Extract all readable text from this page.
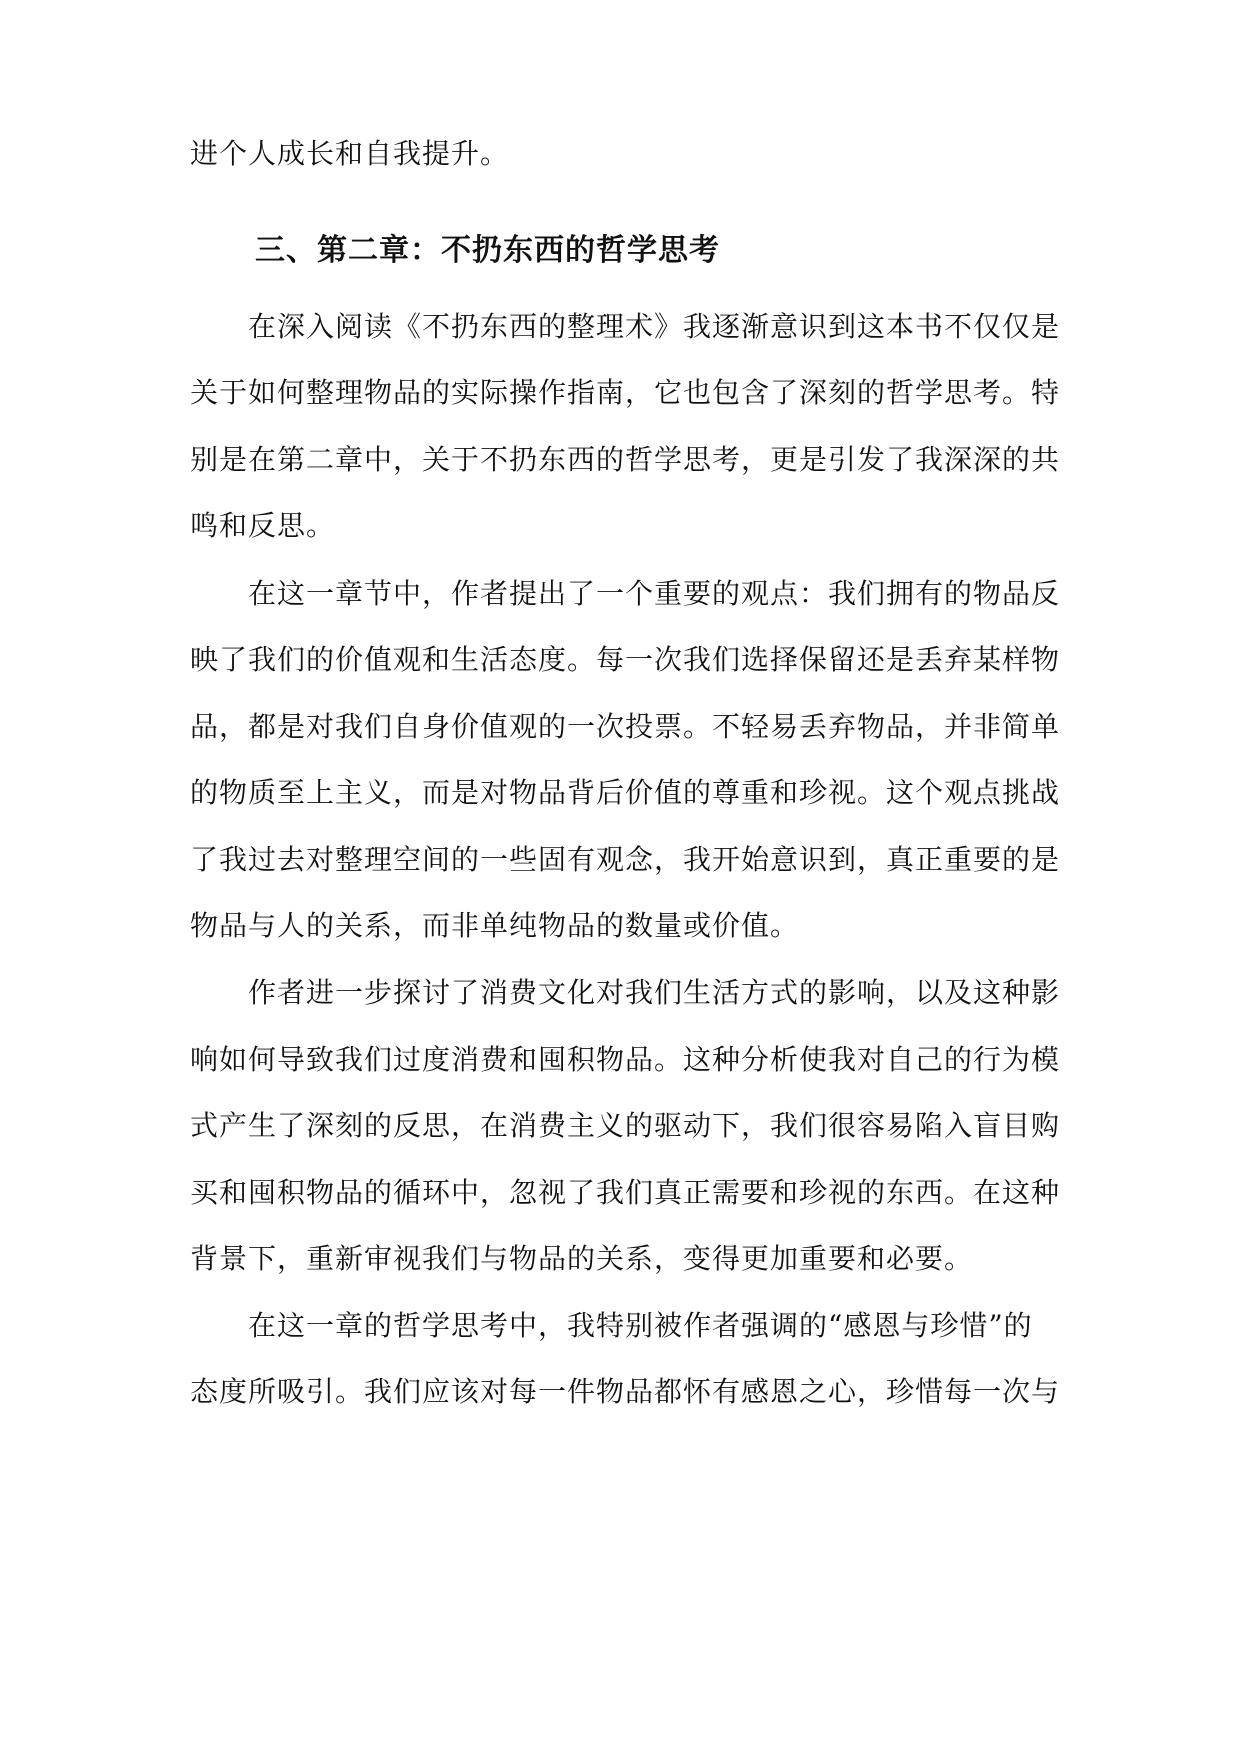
进个人成长和自我提升。
三、第二章：不扔东西的哲学思考
在深入阅读《不扔东西的整理术》我逐渐意识到这本书不仅仅是
关于如何整理物品的实际操作指南，它也包含了深刻的哲学思考。特
别是在第二章中，关于不扔东西的哲学思考，更是引发了我深深的共
鸣和反思。
在这一章节中，作者提出了一个重要的观点：我们拥有的物品反
映了我们的价值观和生活态度。每一次我们选择保留还是丢弃某样物
品，都是对我们自身价值观的一次投票。不轻易丢弃物品，并非简单
的物质至上主义，而是对物品背后价值的尊重和珍视。这个观点挑战
了我过去对整理空间的一些固有观念，我开始意识到，真正重要的是
物品与人的关系，而非单纯物品的数量或价值。
作者进一步探讨了消费文化对我们生活方式的影响，以及这种影
响如何导致我们过度消费和囤积物品。这种分析使我对自己的行为模
式产生了深刻的反思，在消费主义的驱动下，我们很容易陷入盲目购
买和囤积物品的循环中，忽视了我们真正需要和珍视的东西。在这种
背景下，重新审视我们与物品的关系，变得更加重要和必要。
在这一章的哲学思考中，我特别被作者强调的“感恩与珍惜”的
态度所吸引。我们应该对每一件物品都怀有感恩之心，珍惜每一次与
